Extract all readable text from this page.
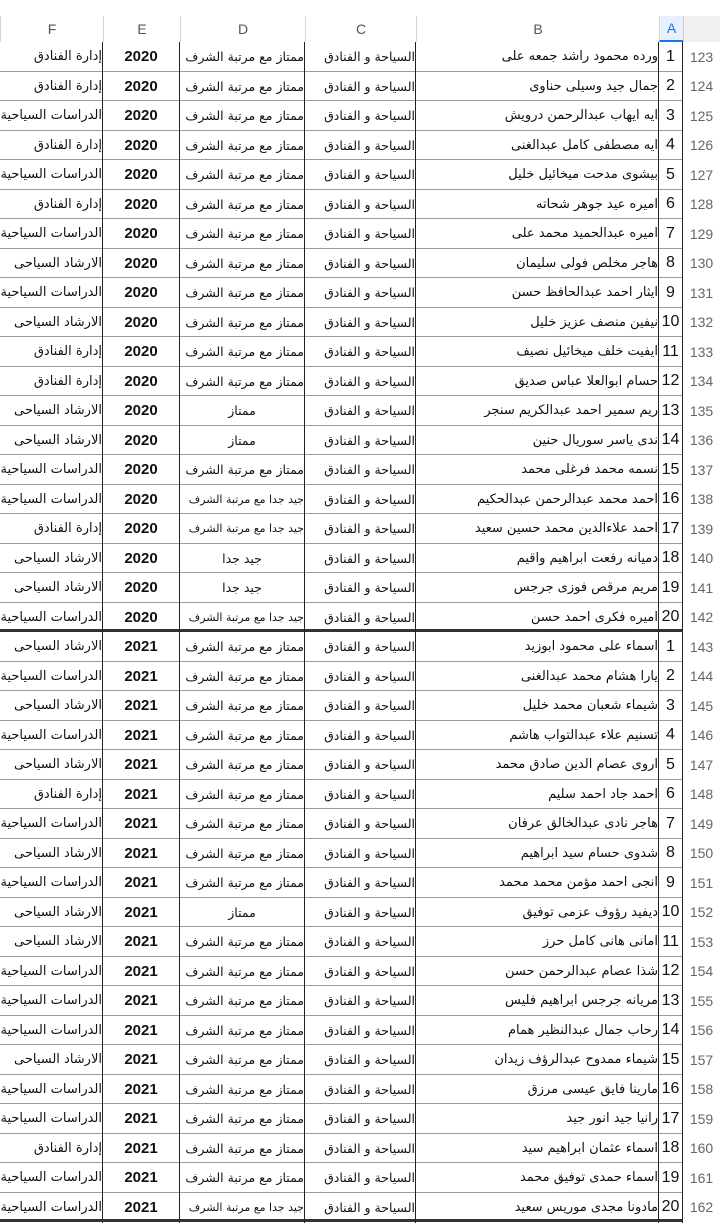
F	E	D	C	B	A
إدارة الفنادق	2020	ممتاز مع مرتبة الشرف	السياحة و الفنادق	ورده محمود راشد جمعه على 1	123
إدارة الفنادق	2020	ممتاز مع مرتبة الشرف	السياحة و الفنادق	جمال جيد وسيلى حناوى 2	124
الدراسات السياحية	2020	ممتاز مع مرتبة الشرف	السياحة و الفنادق	ايه ايهاب عبدالرحمن درويش 3	125
إدارة الفنادق	2020	ممتاز مع مرتبة الشرف	السياحة و الفنادق	ايه مصطفى كامل عبدالغنى 4	126
الدراسات السياحية	2020	ممتاز مع مرتبة الشرف	السياحة و الفنادق	بيشوى مدحت ميخائيل خليل 5	127
إدارة الفنادق	2020	ممتاز مع مرتبة الشرف	السياحة و الفنادق	اميره عيد جوهر شحاته 6	128
الدراسات السياحية	2020	ممتاز مع مرتبة الشرف	السياحة و الفنادق	اميره عبدالحميد محمد على 7	129
الارشاد السياحى	2020	ممتاز مع مرتبة الشرف	السياحة و الفنادق	هاجر مخلص فولى سليمان 8	130
الدراسات السياحية	2020	ممتاز مع مرتبة الشرف	السياحة و الفنادق	ايثار احمد عبدالحافظ حسن 9	131
الارشاد السياحى	2020	ممتاز مع مرتبة الشرف	السياحة و الفنادق	نيفين منصف عزيز خليل 10 132
إدارة الفنادق	2020	ممتاز مع مرتبة الشرف	السياحة و الفنادق	ايفيت خلف ميخائيل نصيف 11 133
إدارة الفنادق	2020	ممتاز مع مرتبة الشرف	السياحة و الفنادق	حسام ابوالعلا عباس صديق 12 134
الارشاد السياحى	2020	ممتاز	السياحة و الفنادق	ريم سمير احمد عبدالكريم سنجر 13 135
الارشاد السياحى	2020	ممتاز	السياحة و الفنادق	ندى ياسر سوريال حنين 14 136
الدراسات السياحية	2020	ممتاز مع مرتبة الشرف	السياحة و الفنادق	نسمه محمد فرغلى محمد 15 137
الدراسات السياحية	2020	جيد جدا مع مرتبة الشرف	السياحة و الفنادق	احمد محمد عبدالرحمن عبدالحكيم 16 138
إدارة الفنادق	2020	جيد جدا مع مرتبة الشرف	السياحة و الفنادق	احمد علاءالدين محمد حسين سعيد 17 139
الارشاد السياحى	2020	جيد جدا	السياحة و الفنادق	دميانه رفعت ابراهيم واقيم 18 140
الارشاد السياحى	2020	جيد جدا	السياحة و الفنادق	مريم مرقص فوزى جرجس 19 141
الدراسات السياحية	2020	جيد جدا مع مرتبة الشرف	السياحة و الفنادق	اميره فكرى احمد حسن 20 142
الارشاد السياحى	2021	ممتاز مع مرتبة الشرف	السياحة و الفنادق	اسماء على محمود ابوزيد 1	143
الدراسات السياحية	2021	ممتاز مع مرتبة الشرف	السياحة و الفنادق	يارا هشام محمد عبدالغنى 2	144
الارشاد السياحى	2021	ممتاز مع مرتبة الشرف	السياحة و الفنادق	شيماء شعبان محمد خليل 3	145
الدراسات السياحية	2021	ممتاز مع مرتبة الشرف	السياحة و الفنادق	تسنيم علاء عبدالتواب هاشم 4	146
الارشاد السياحى	2021	ممتاز مع مرتبة الشرف	السياحة و الفنادق	اروى عصام الدين صادق محمد 5	147
إدارة الفنادق	2021	ممتاز مع مرتبة الشرف	السياحة و الفنادق	احمد جاد احمد سليم 6	148
الدراسات السياحية	2021	ممتاز مع مرتبة الشرف	السياحة و الفنادق	هاجر نادى عبدالخالق عرفان 7	149
الارشاد السياحى	2021	ممتاز مع مرتبة الشرف	السياحة و الفنادق	شدوى حسام سيد ابراهيم 8	150
الدراسات السياحية	2021	ممتاز مع مرتبة الشرف	السياحة و الفنادق	انجى احمد مؤمن محمد محمد 9	151
الارشاد السياحى	2021	ممتاز	السياحة و الفنادق	ديفيد رؤوف عزمى توفيق 10 152
الارشاد السياحى	2021	ممتاز مع مرتبة الشرف	السياحة و الفنادق	امانى هانى كامل حرز 11 153
الدراسات السياحية	2021	ممتاز مع مرتبة الشرف	السياحة و الفنادق	شذا عصام عبدالرحمن حسن 12 154
الدراسات السياحية	2021	ممتاز مع مرتبة الشرف	السياحة و الفنادق	مريانه جرجس ابراهيم فليس 13 155
الدراسات السياحية	2021	ممتاز مع مرتبة الشرف	السياحة و الفنادق	رحاب جمال عبدالنظير همام 14 156
الارشاد السياحى	2021	ممتاز مع مرتبة الشرف	السياحة و الفنادق	شيماء ممدوح عبدالرؤف زيدان 15 157
الدراسات السياحية	2021	ممتاز مع مرتبة الشرف	السياحة و الفنادق	مارينا فايق عيسى مرزق 16 158
الدراسات السياحية	2021	ممتاز مع مرتبة الشرف	السياحة و الفنادق	رانيا جيد انور جيد 17 159
إدارة الفنادق	2021	ممتاز مع مرتبة الشرف	السياحة و الفنادق	اسماء عثمان ابراهيم سيد 18 160
الدراسات السياحية	2021	ممتاز مع مرتبة الشرف	السياحة و الفنادق	اسماء حمدى توفيق محمد 19 161
الدراسات السياحية	2021	جيد جدا مع مرتبة الشرف	السياحة و الفنادق	مادونا مجدى موريس سعيد 20 162
